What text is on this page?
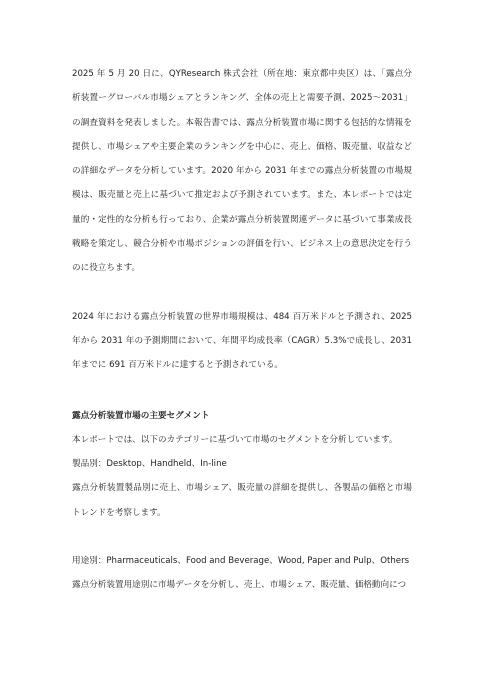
2025 年 5 月 20 日に、QYResearch 株式会社（所在地：東京都中央区）は、「露点分析装置ーグローバル市場シェアとランキング、全体の売上と需要予測、2025～2031」の調査資料を発表しました。本報告書では、露点分析装置市場に関する包括的な情報を提供し、市場シェアや主要企業のランキングを中心に、売上、価格、販売量、収益などの詳細なデータを分析しています。2020 年から 2031 年までの露点分析装置の市場規模は、販売量と売上に基づいて推定および予測されています。また、本レポートでは定量的・定性的な分析も行っており、企業が露点分析装置関連データに基づいて事業成長戦略を策定し、競合分析や市場ポジションの評価を行い、ビジネス上の意思決定を行うのに役立ちます。

2024 年における露点分析装置の世界市場規模は、484 百万米ドルと予測され、2025 年から 2031 年の予測期間において、年間平均成長率（CAGR）5.3%で成長し、2031 年までに 691 百万米ドルに達すると予測されている。

露点分析装置市場の主要セグメント

本レポートでは、以下のカテゴリーに基づいて市場のセグメントを分析しています。

製品別：Desktop、Handheld、In-line

露点分析装置製品別に売上、市場シェア、販売量の詳細を提供し、各製品の価格と市場トレンドを考察します。

用途別：Pharmaceuticals、Food and Beverage、Wood, Paper and Pulp、Others

露点分析装置用途別に市場データを分析し、売上、市場シェア、販売量、価格動向につ
